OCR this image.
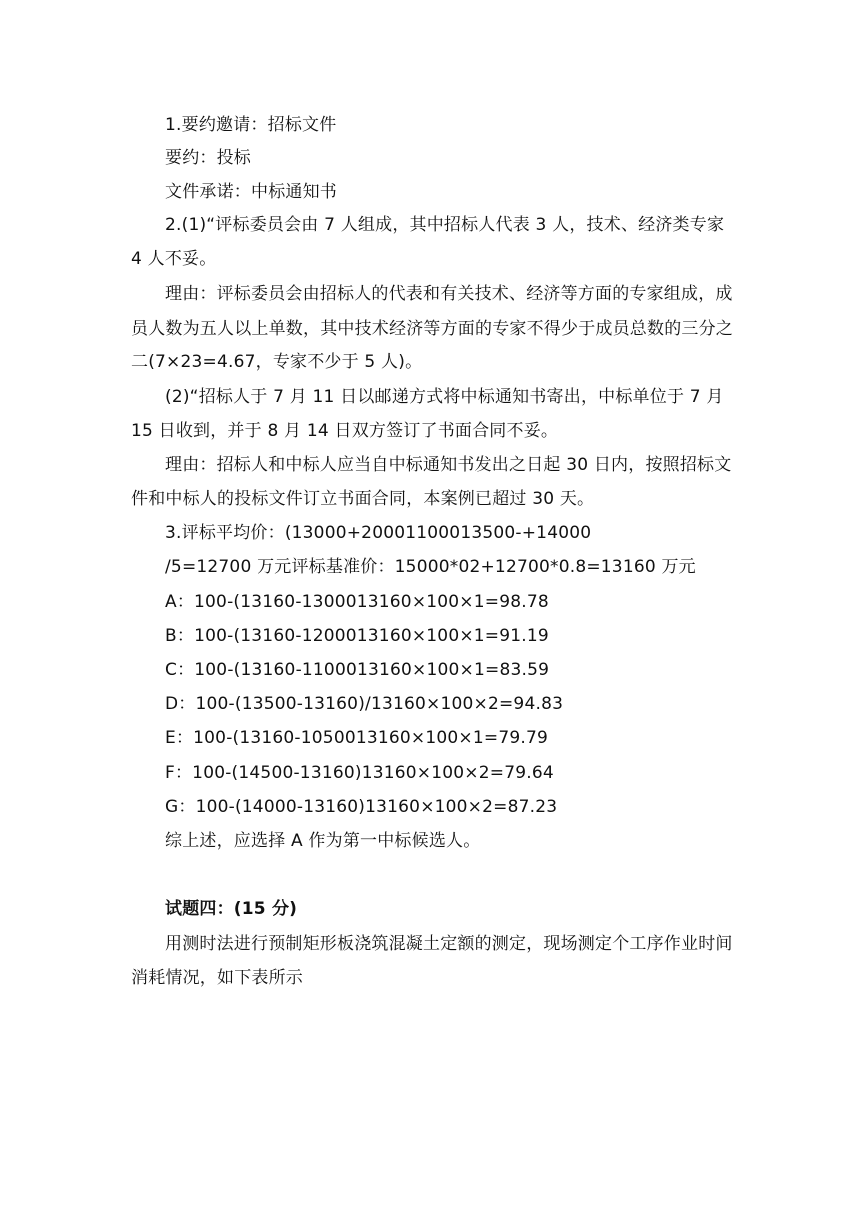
1.要约邀请：招标文件
要约：投标
文件承诺：中标通知书
2.(1)“评标委员会由 7 人组成，其中招标人代表 3 人，技术、经济类专家
4 人不妥。
理由：评标委员会由招标人的代表和有关技术、经济等方面的专家组成，成
员人数为五人以上单数，其中技术经济等方面的专家不得少于成员总数的三分之
二(7×23=4.67，专家不少于 5 人)。
(2)“招标人于 7 月 11 日以邮递方式将中标通知书寄出，中标单位于 7 月
15 日收到，并于 8 月 14 日双方签订了书面合同不妥。
理由：招标人和中标人应当自中标通知书发出之日起 30 日内，按照招标文
件和中标人的投标文件订立书面合同，本案例已超过 30 天。
3.评标平均价：(13000+20001100013500-+14000
/5=12700 万元评标基准价：15000*02+12700*0.8=13160 万元
A：100-(13160-1300013160×100×1=98.78
B：100-(13160-1200013160×100×1=91.19
C：100-(13160-1100013160×100×1=83.59
D：100-(13500-13160)/13160×100×2=94.83
E：100-(13160-1050013160×100×1=79.79
F：100-(14500-13160)13160×100×2=79.64
G：100-(14000-13160)13160×100×2=87.23
综上述，应选择 A 作为第一中标候选人。
试题四：(15 分)
用测时法进行预制矩形板浇筑混凝土定额的测定，现场测定个工序作业时间
消耗情况，如下表所示
